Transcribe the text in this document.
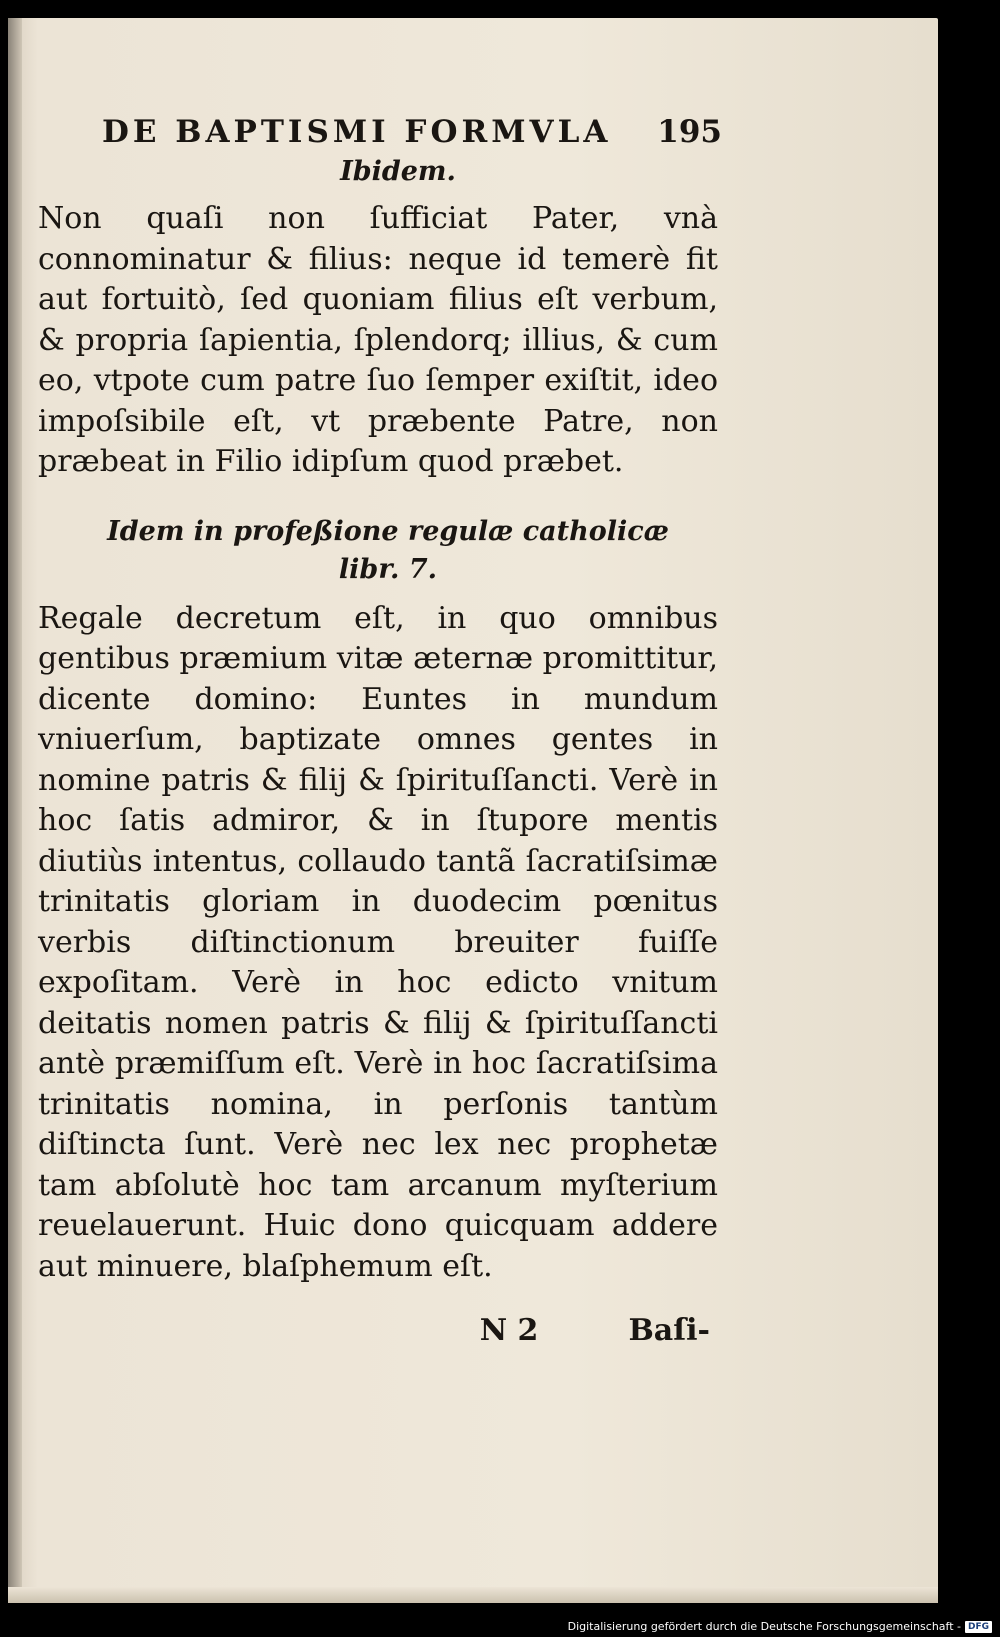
DE BAPTISMI FORMVLA 195
Ibidem.

Non quaſi non ſufficiat Pater, vnà connominatur & filius: neque id temerè fit aut fortuitò, ſed quoniam filius eſt verbum, & propria ſapientia, ſplendorq; illius, & cum eo, vtpote cum patre ſuo ſemper exiſtit, ideo impoſsibile eſt, vt præbente Patre, non præbeat in Filio idipſum quod præbet.

Idem in profeßione regulæ catholicæ
libr. 7.

Regale decretum eſt, in quo omnibus gentibus præmium vitæ æternæ promittitur, dicente domino: Euntes in mundum vniuerſum, baptizate omnes gentes in nomine patris & filij & ſpirituſſancti. Verè in hoc ſatis admiror, & in ſtupore mentis diutiùs intentus, collaudo tantã ſacratiſsimæ trinitatis gloriam in duodecim pœnitus verbis diſtinctionum breuiter fuiſſe expoſitam. Verè in hoc edicto vnitum deitatis nomen patris & filij & ſpirituſſancti antè præmiſſum eſt. Verè in hoc ſacratiſsima trinitatis nomina, in perſonis tantùm diſtincta ſunt. Verè nec lex nec prophetæ tam abſolutè hoc tam arcanum myſterium reuelauerunt. Huic dono quicquam addere aut minuere, blaſphemum eſt.

N 2	Baſi-
Digitalisierung gefördert durch die Deutsche Forschungsgemeinschaft - DFG
